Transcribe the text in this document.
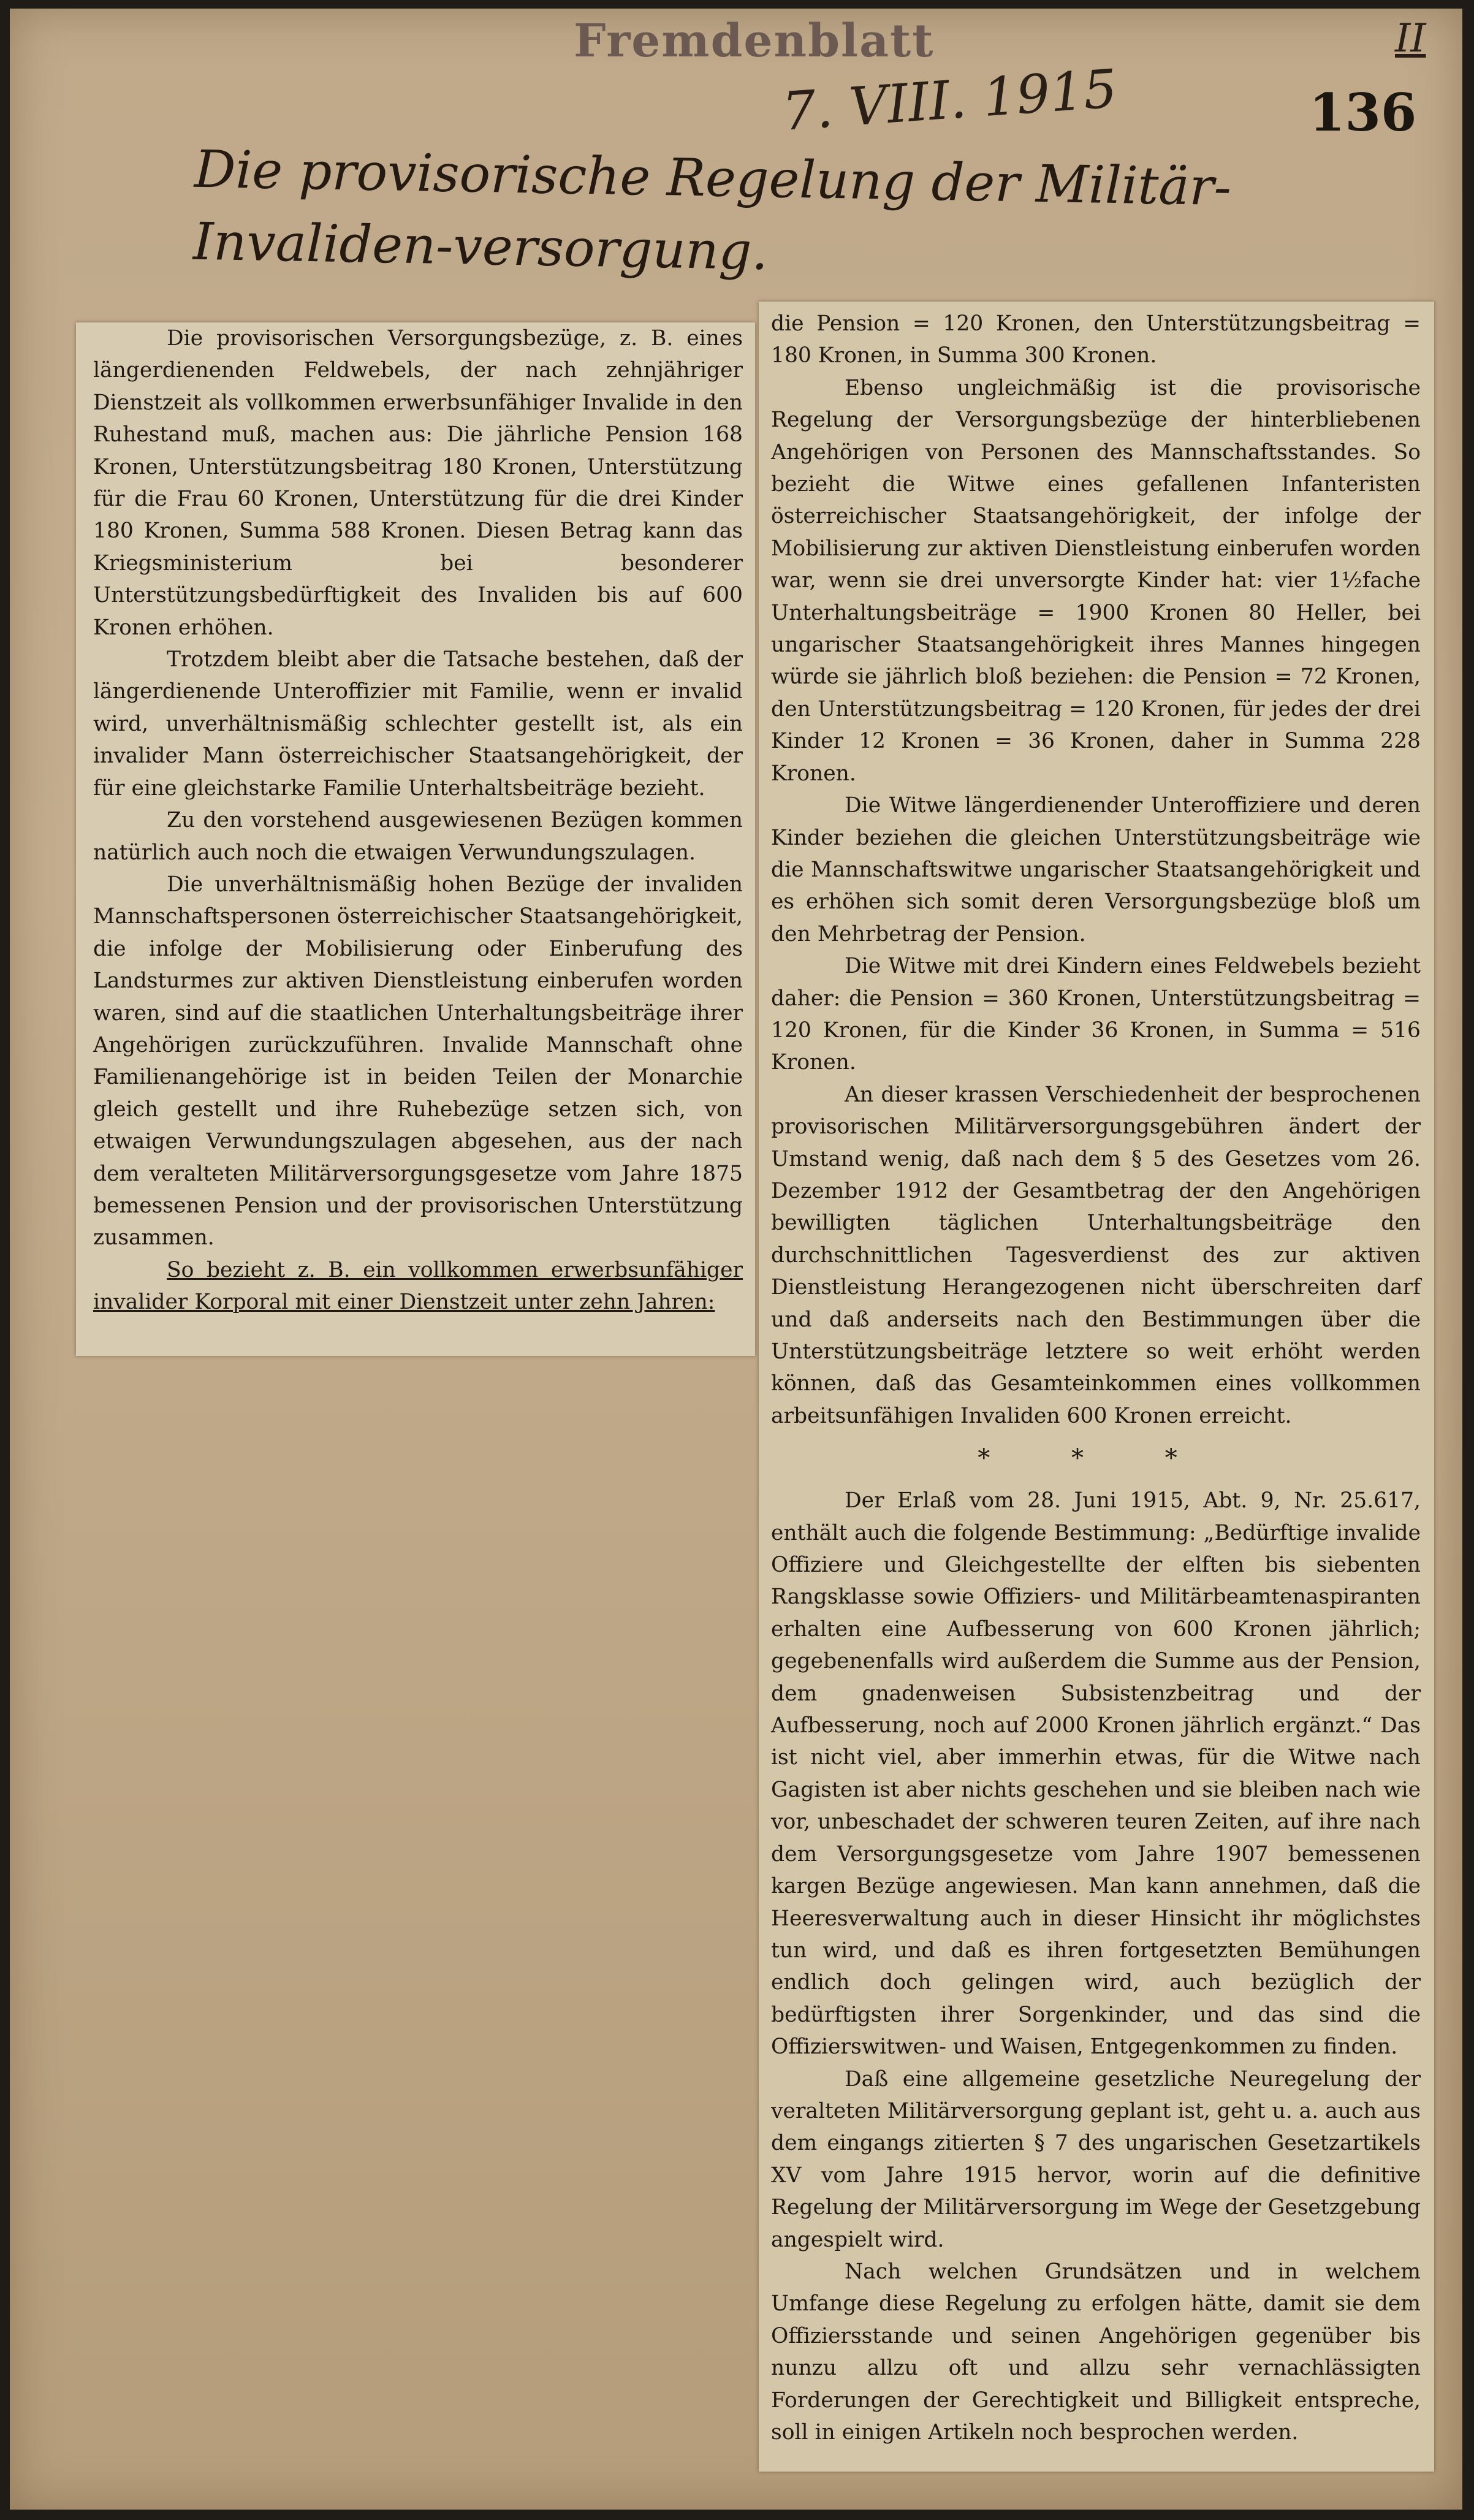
Fremdenblatt	II
7. VIII. 1915	136
Die provisorische Regelung der Militär-Invaliden-versorgung.

Die provisorischen Versorgungsbezüge, z. B. eines längerdienenden Feldwebels, der nach zehnjähriger Dienstzeit als vollkommen erwerbsunfähiger Invalide in den Ruhestand muß, machen aus: Die jährliche Pension 168 Kronen, Unterstützungsbeitrag 180 Kronen, Unterstützung für die Frau 60 Kronen, Unterstützung für die drei Kinder 180 Kronen, Summa 588 Kronen. Diesen Betrag kann das Kriegsministerium bei besonderer Unterstützungsbedürftigkeit des Invaliden bis auf 600 Kronen erhöhen.

Trotzdem bleibt aber die Tatsache bestehen, daß der längerdienende Unteroffizier mit Familie, wenn er invalid wird, unverhältnismäßig schlechter gestellt ist, als ein invalider Mann österreichischer Staatsangehörigkeit, der für eine gleichstarke Familie Unterhaltsbeiträge bezieht.

Zu den vorstehend ausgewiesenen Bezügen kommen natürlich auch noch die etwaigen Verwundungszulagen.

Die unverhältnismäßig hohen Bezüge der invaliden Mannschaftspersonen österreichischer Staatsangehörigkeit, die infolge der Mobilisierung oder Einberufung des Landsturmes zur aktiven Dienstleistung einberufen worden waren, sind auf die staatlichen Unterhaltungsbeiträge ihrer Angehörigen zurückzuführen. Invalide Mannschaft ohne Familienangehörige ist in beiden Teilen der Monarchie gleich gestellt und ihre Ruhebezüge setzen sich, von etwaigen Verwundungszulagen abgesehen, aus der nach dem veralteten Militärversorgungsgesetze vom Jahre 1875 bemessenen Pension und der provisorischen Unterstützung zusammen.

So bezieht z. B. ein vollkommen erwerbsunfähiger invalider Korporal mit einer Dienstzeit unter zehn Jahren:

die Pension = 120 Kronen, den Unterstützungsbeitrag = 180 Kronen, in Summa 300 Kronen.

Ebenso ungleichmäßig ist die provisorische Regelung der Versorgungsbezüge der hinterbliebenen Angehörigen von Personen des Mannschaftsstandes. So bezieht die Witwe eines gefallenen Infanteristen österreichischer Staatsangehörigkeit, der infolge der Mobilisierung zur aktiven Dienstleistung einberufen worden war, wenn sie drei unversorgte Kinder hat: vier 1½fache Unterhaltungsbeiträge = 1900 Kronen 80 Heller, bei ungarischer Staatsangehörigkeit ihres Mannes hingegen würde sie jährlich bloß beziehen: die Pension = 72 Kronen, den Unterstützungsbeitrag = 120 Kronen, für jedes der drei Kinder 12 Kronen = 36 Kronen, daher in Summa 228 Kronen.

Die Witwe längerdienender Unteroffiziere und deren Kinder beziehen die gleichen Unterstützungsbeiträge wie die Mannschaftswitwe ungarischer Staatsangehörigkeit und es erhöhen sich somit deren Versorgungsbezüge bloß um den Mehrbetrag der Pension.

Die Witwe mit drei Kindern eines Feldwebels bezieht daher: die Pension = 360 Kronen, Unterstützungsbeitrag = 120 Kronen, für die Kinder 36 Kronen, in Summa = 516 Kronen.

An dieser krassen Verschiedenheit der besprochenen provisorischen Militärversorgungsgebühren ändert der Umstand wenig, daß nach dem § 5 des Gesetzes vom 26. Dezember 1912 der Gesamtbetrag der den Angehörigen bewilligten täglichen Unterhaltungsbeiträge den durchschnittlichen Tagesverdienst des zur aktiven Dienstleistung Herangezogenen nicht überschreiten darf und daß anderseits nach den Bestimmungen über die Unterstützungsbeiträge letztere so weit erhöht werden können, daß das Gesamteinkommen eines vollkommen arbeitsunfähigen Invaliden 600 Kronen erreicht.

* * *

Der Erlaß vom 28. Juni 1915, Abt. 9, Nr. 25.617, enthält auch die folgende Bestimmung: „Bedürftige invalide Offiziere und Gleichgestellte der elften bis siebenten Rangsklasse sowie Offiziers- und Militärbeamtenaspiranten erhalten eine Aufbesserung von 600 Kronen jährlich; gegebenenfalls wird außerdem die Summe aus der Pension, dem gnadenweisen Subsistenzbeitrag und der Aufbesserung, noch auf 2000 Kronen jährlich ergänzt.“ Das ist nicht viel, aber immerhin etwas, für die Witwe nach Gagisten ist aber nichts geschehen und sie bleiben nach wie vor, unbeschadet der schweren teuren Zeiten, auf ihre nach dem Versorgungsgesetze vom Jahre 1907 bemessenen kargen Bezüge angewiesen. Man kann annehmen, daß die Heeresverwaltung auch in dieser Hinsicht ihr möglichstes tun wird, und daß es ihren fortgesetzten Bemühungen endlich doch gelingen wird, auch bezüglich der bedürftigsten ihrer Sorgenkinder, und das sind die Offizierswitwen- und Waisen, Entgegenkommen zu finden.

Daß eine allgemeine gesetzliche Neuregelung der veralteten Militärversorgung geplant ist, geht u. a. auch aus dem eingangs zitierten § 7 des ungarischen Gesetzartikels XV vom Jahre 1915 hervor, worin auf die definitive Regelung der Militärversorgung im Wege der Gesetzgebung angespielt wird.

Nach welchen Grundsätzen und in welchem Umfange diese Regelung zu erfolgen hätte, damit sie dem Offiziersstande und seinen Angehörigen gegenüber bis nunzu allzu oft und allzu sehr vernachlässigten Forderungen der Gerechtigkeit und Billigkeit entspreche, soll in einigen Artikeln noch besprochen werden.
